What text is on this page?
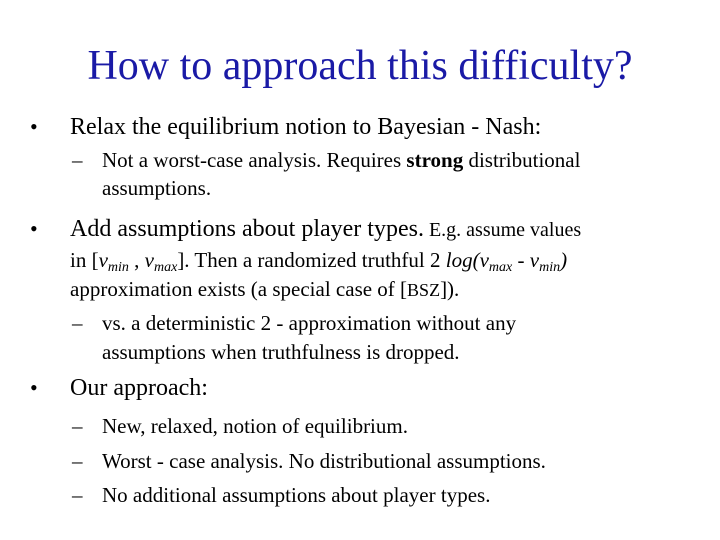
How to approach this difficulty?
• Relax the equilibrium notion to Bayesian - Nash:
– Not a worst-case analysis. Requires strong distributional
assumptions.
• Add assumptions about player types. E.g. assume values
in [$v_{min}$ , $v_{max}$]. Then a randomized truthful 2 $\log(v_{max} - v_{min})$
approximation exists (a special case of [BSZ]).
– vs. a deterministic 2 - approximation without any
assumptions when truthfulness is dropped.
• Our approach:
– New, relaxed, notion of equilibrium.
– Worst - case analysis. No distributional assumptions.
– No additional assumptions about player types.
